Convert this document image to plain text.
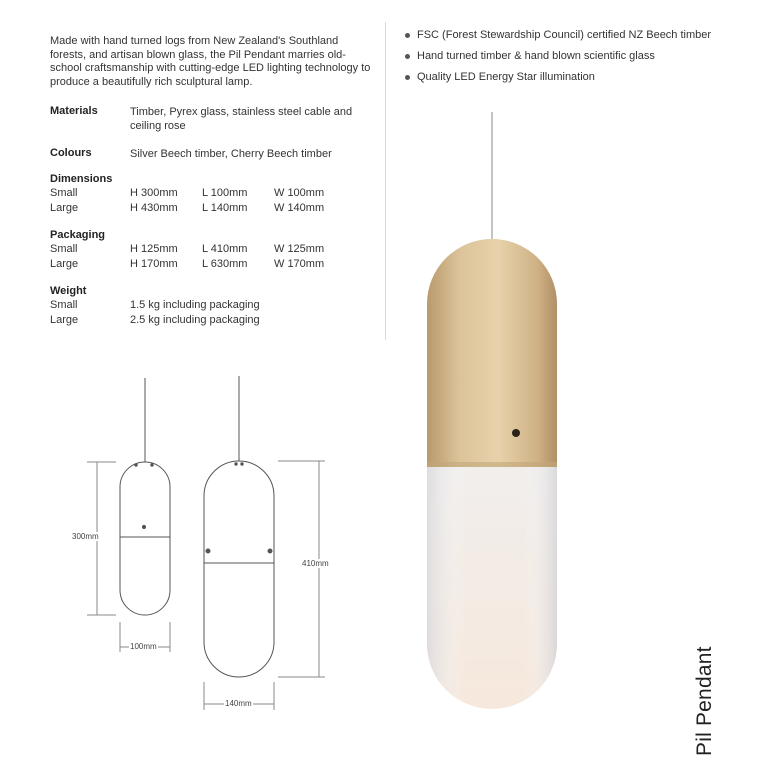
Made with hand turned logs from New Zealand's Southland forests, and artisan blown glass, the Pil Pendant marries old-school craftsmanship with cutting-edge LED lighting technology to produce a beautifully rich sculptural lamp.
Materials	Timber, Pyrex glass, stainless steel cable and ceiling rose
Colours	Silver Beech timber, Cherry Beech timber
Dimensions
Small	H 300mm L 100mm W 100mm
Large	H 430mm L 140mm W 140mm
Packaging
Small	H 125mm L 410mm W 125mm
Large	H 170mm L 630mm W 170mm
Weight
Small	1.5 kg including packaging
Large	2.5 kg including packaging
FSC (Forest Stewardship Council) certified NZ Beech timber
Hand turned timber & hand blown scientific glass
Quality LED Energy Star illumination
300mm
100mm
410mm
140mm	Pil Pendant
